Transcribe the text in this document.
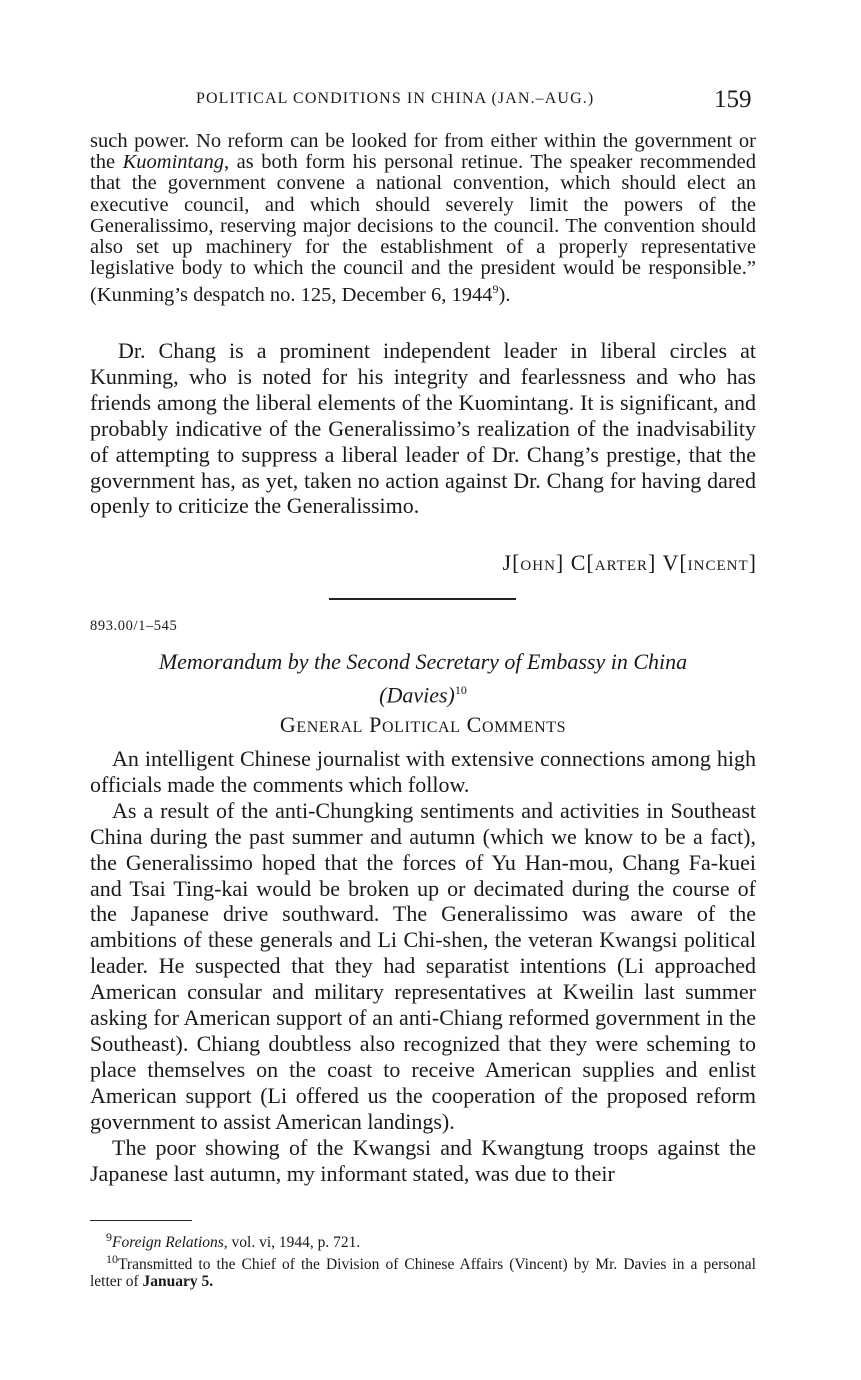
POLITICAL CONDITIONS IN CHINA (JAN.–AUG.)	159
such power. No reform can be looked for from either within the government or the Kuomintang, as both form his personal retinue. The speaker recommended that the government convene a national convention, which should elect an executive council, and which should severely limit the powers of the Generalissimo, reserving major decisions to the council. The convention should also set up machinery for the establishment of a properly representative legislative body to which the council and the president would be responsible.” (Kunming’s despatch no. 125, December 6, 1944$^9$).
Dr. Chang is a prominent independent leader in liberal circles at Kunming, who is noted for his integrity and fearlessness and who has friends among the liberal elements of the Kuomintang. It is significant, and probably indicative of the Generalissimo’s realization of the inadvisability of attempting to suppress a liberal leader of Dr. Chang’s prestige, that the government has, as yet, taken no action against Dr. Chang for having dared openly to criticize the Generalissimo.
J[OHN] C[ARTER] V[INCENT]
893.00/1–545
Memorandum by the Second Secretary of Embassy in China
(Davies)$^{10}$
GENERAL POLITICAL COMMENTS

An intelligent Chinese journalist with extensive connections among high officials made the comments which follow.

As a result of the anti-Chungking sentiments and activities in Southeast China during the past summer and autumn (which we know to be a fact), the Generalissimo hoped that the forces of Yu Han-mou, Chang Fa-kuei and Tsai Ting-kai would be broken up or decimated during the course of the Japanese drive southward. The Generalissimo was aware of the ambitions of these generals and Li Chi-shen, the veteran Kwangsi political leader. He suspected that they had separatist intentions (Li approached American consular and military representatives at Kweilin last summer asking for American support of an anti-Chiang reformed government in the Southeast). Chiang doubtless also recognized that they were scheming to place themselves on the coast to receive American supplies and enlist American support (Li offered us the cooperation of the proposed reform government to assist American landings).

The poor showing of the Kwangsi and Kwangtung troops against the Japanese last autumn, my informant stated, was due to their

$^9$Foreign Relations, vol. vi, 1944, p. 721.

$^{10}$Transmitted to the Chief of the Division of Chinese Affairs (Vincent) by Mr. Davies in a personal letter of January 5.
